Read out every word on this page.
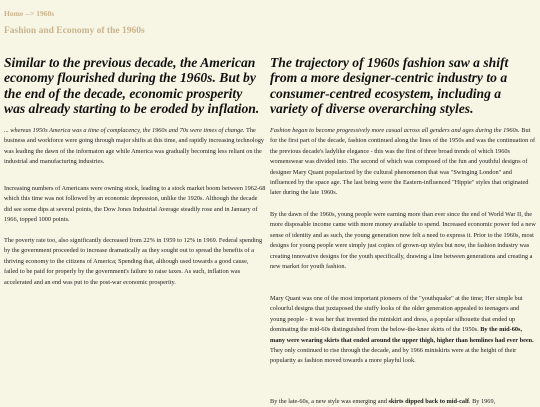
Home --> 1960s
Fashion and Economy of the 1960s
Similar to the previous decade, the American economy flourished during the 1960s. But by the end of the decade, economic prosperity was already starting to be eroded by inflation.
The trajectory of 1960s fashion saw a shift from a more designer-centric industry to a consumer-centred ecosystem, including a variety of diverse overarching styles.

... whereas 1950s America was a time of complacency, the 1960s and 70s were times of change. The business and workforce were going through major shifts at this time, and rapidly increasing technology was leading the dawn of the informaton age while America was gradually becoming less reliant on the industrial and manufacturing industries.

Increasing numbers of Americans were owning stock, leading to a stock market boom between 1962-68 which this time was not followed by an economic depression, unlike the 1920s. Although the decade did see some dips at several points, the Dow Jones Industrial Average steadily rose and in January of 1966, topped 1000 points.

The poverty rate too, also significantly decreased from 22% in 1959 to 12% in 1969. Federal spending by the government proceeded to increase dramatically as they sought out to spread the benefits of a thriving economy to the citizens of America; Spending that, although used towards a good cause, failed to be paid for properly by the government's failure to raise taxes. As such, inflation was accelerated and an end was put to the post-war economic prosperity.

Fashion began to become progressively more casual across all genders and ages during the 1960s. But for the first part of the decade, fashion continued along the lines of the 1950s and was the continuation of the previous decade's ladylike elegance - this was the first of three broad trends of which 1960s womenswear was divided into. The second of which was composed of the fun and youthful designs of designer Mary Quant popularized by the cultural phenomenon that was "Swinging London" and influenced by the space age. The last being were the Eastern-influenced "Hippie" styles that originated later during the late 1960s.

By the dawn of the 1960s, young people were earning more than ever since the end of World War II, the more disposable income came with more money available to spend. Increased economic power fed a new sense of identity and as such, the young generation now felt a need to express it. Prior to the 1960s, most designs for young people were simply just copies of grown-up styles but now, the fashion industry was creating innovative designs for the youth specifically, drawing a line between generations and creating a new market for youth fashion.

Mary Quant was one of the most important pioneers of the "youthquake" at the time; Her simple but colourful designs that juxtaposed the stuffy looks of the older generation appealed to teenagers and young people - it was her that invented the miniskirt and dress, a popular silhouette that ended up dominating the mid-60s distinguished from the below-the-knee skirts of the 1950s. By the mid-60s, many were wearing skirts that ended around the upper thigh, higher than hemlines had ever been. They only continued to rise through the decade, and by 1966 miniskirts were at the height of their popularity as fashion moved towards a more playful look.

By the late-60s, a new style was emerging and skirts dipped back to mid-calf. By 1969,
